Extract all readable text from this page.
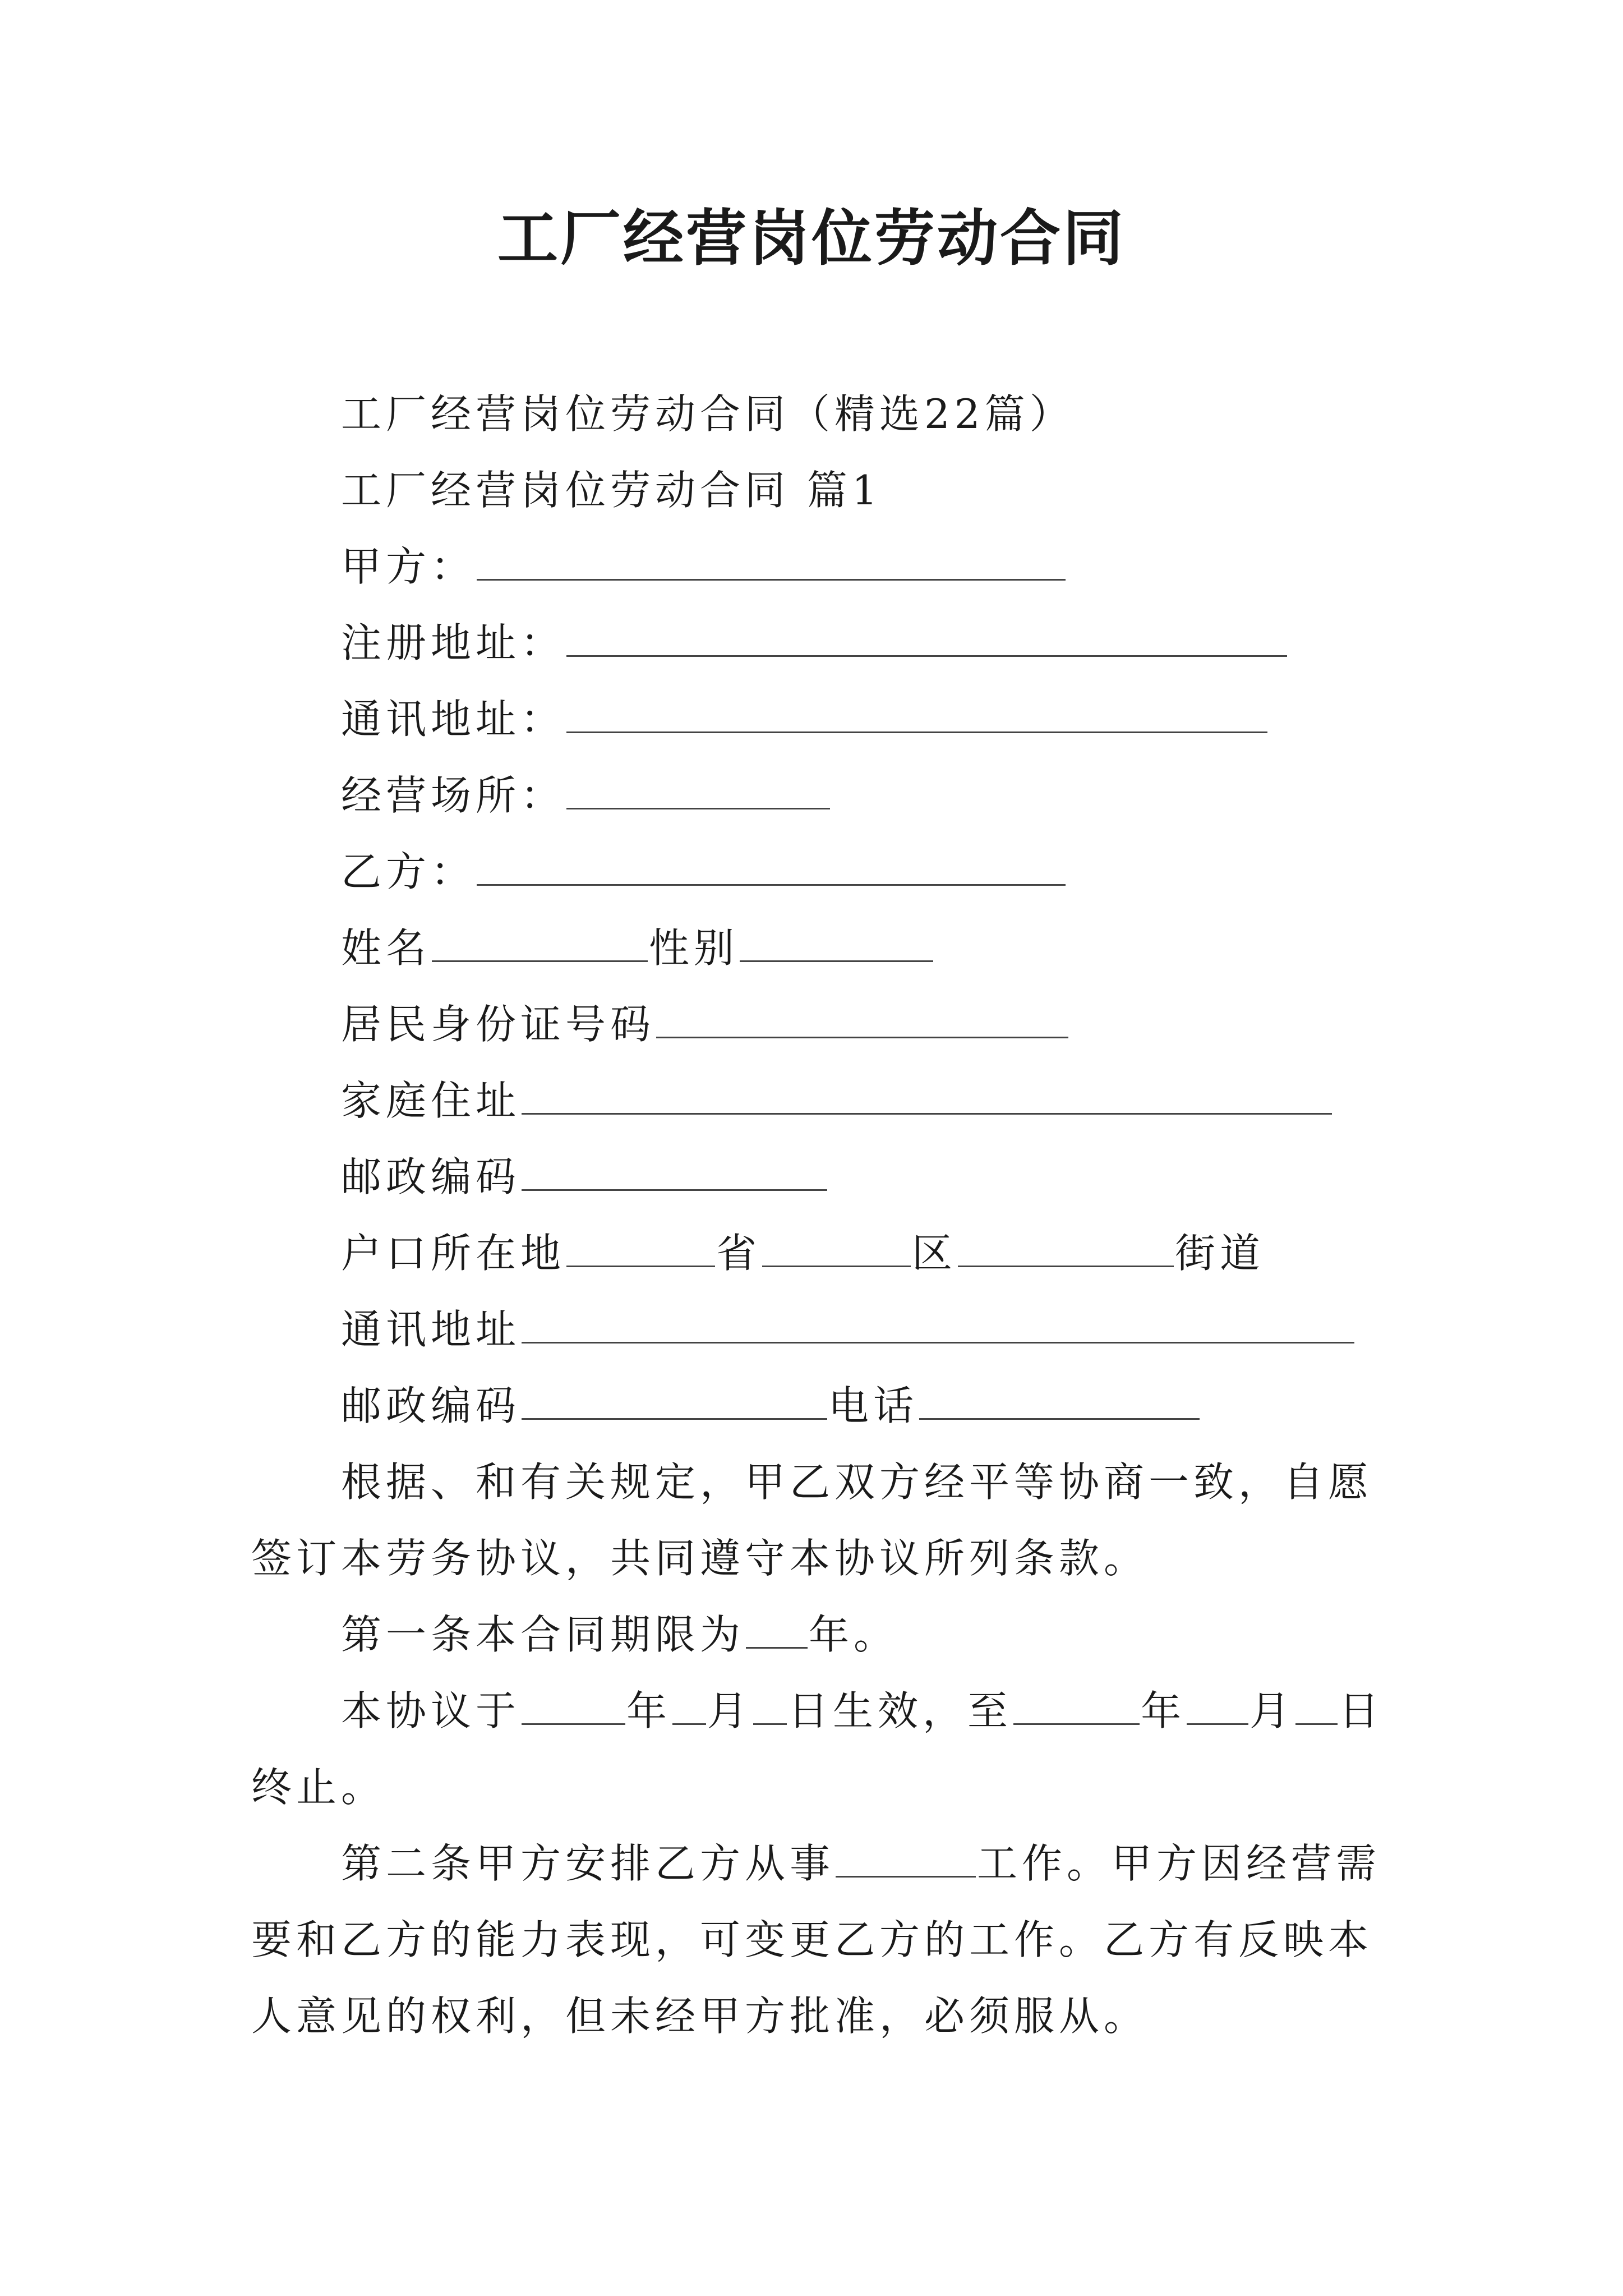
工厂经营岗位劳动合同
工厂经营岗位劳动合同（精选22篇）
工厂经营岗位劳动合同 篇1
甲方：
注册地址：
通讯地址：
经营场所：
乙方：
姓名	性别
居民身份证号码
家庭住址
邮政编码
户口所在地	省	区	街道
通讯地址
邮政编码	电话
根据、和有关规定，甲乙双方经平等协商一致，自愿签订本劳务协议，共同遵守本协议所列条款。
第一条本合同期限为 年。
本协议于	年 月 日生效，至	年 月 日终止。
第二条甲方安排乙方从事	工作。甲方因经营需要和乙方的能力表现，可变更乙方的工作。乙方有反映本人意见的权利，但未经甲方批准，必须服从。
